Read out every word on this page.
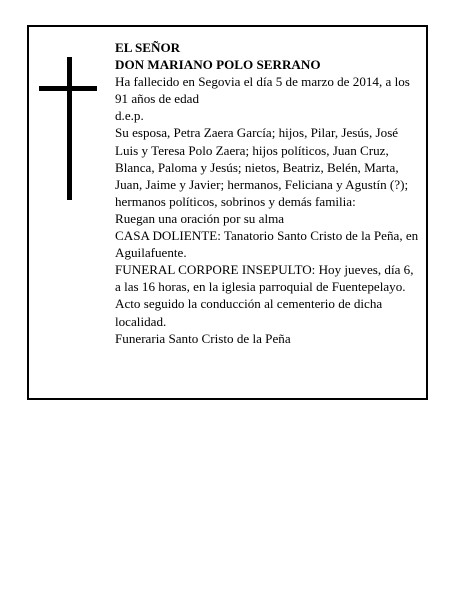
EL SEÑOR

DON MARIANO POLO SERRANO

Ha fallecido en Segovia el día 5 de marzo de 2014, a los 91 años de edad

d.e.p.

Su esposa, Petra Zaera García; hijos, Pilar, Jesús, José Luis y Teresa Polo Zaera; hijos políticos, Juan Cruz, Blanca, Paloma y Jesús; nietos, Beatriz, Belén, Marta, Juan, Jaime y Javier; hermanos, Feliciana y Agustín (?); hermanos políticos, sobrinos y demás familia:

Ruegan una oración por su alma

CASA DOLIENTE: Tanatorio Santo Cristo de la Peña, en Aguilafuente.

FUNERAL CORPORE INSEPULTO: Hoy jueves, día 6, a las 16 horas, en la iglesia parroquial de Fuentepelayo. Acto seguido la conducción al cementerio de dicha localidad.

Funeraria Santo Cristo de la Peña
